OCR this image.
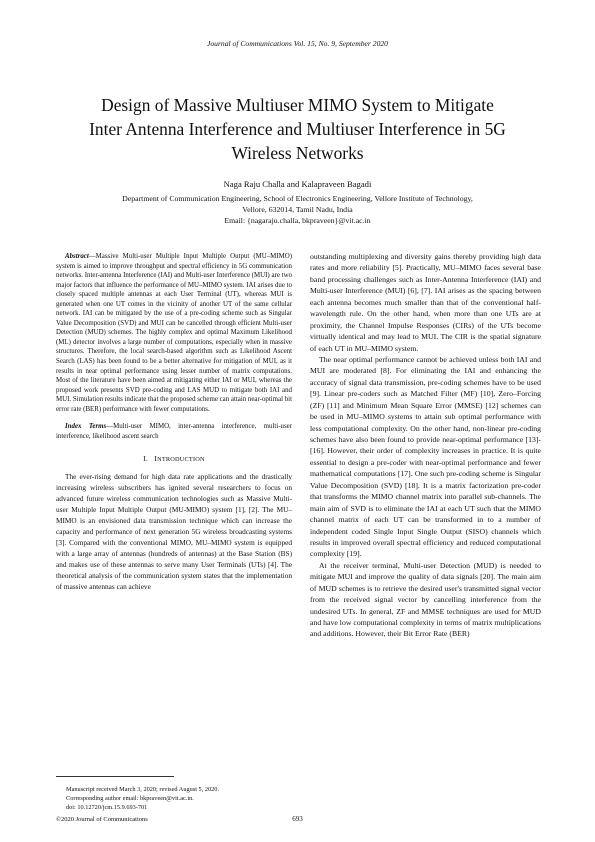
Journal of Communications Vol. 15, No. 9, September 2020
Design of Massive Multiuser MIMO System to Mitigate
Inter Antenna Interference and Multiuser Interference in 5G
Wireless Networks
Naga Raju Challa and Kalapraveen Bagadi
Department of Communication Engineering, School of Electronics Engineering, Vellore Institute of Technology,
Vellore, 632014, Tamil Nadu, India
Email: {nagaraju.challa, bkpraveen}@vit.ac.in

Abstract—Massive Multi-user Multiple Input Multiple Output (MU–MIMO) system is aimed to improve throughput and spectral efficiency in 5G communication networks. Inter-antenna Interference (IAI) and Multi-user Interference (MUI) are two major factors that influence the performance of MU–MIMO system. IAI arises due to closely spaced multiple antennas at each User Terminal (UT), whereas MUI is generated when one UT comes in the vicinity of another UT of the same cellular network. IAI can be mitigated by the use of a pre-coding scheme such as Singular Value Decomposition (SVD) and MUI can be cancelled through efficient Multi-user Detection (MUD) schemes. The highly complex and optimal Maximum Likelihood (ML) detector involves a large number of computations, especially when in massive structures. Therefore, the local search-based algorithm such as Likelihood Ascent Search (LAS) has been found to be a better alternative for mitigation of MUI, as it results in near optimal performance using lesser number of matrix computations. Most of the literature have been aimed at mitigating either IAI or MUI, whereas the proposed work presents SVD pre-coding and LAS MUD to mitigate both IAI and MUI. Simulation results indicate that the proposed scheme can attain near-optimal bit error rate (BER) performance with fewer computations.

Index Terms—Multi-user MIMO, inter-antenna interference, multi-user interference, likelihood ascent search

I. INTRODUCTION

The ever-rising demand for high data rate applications and the drastically increasing wireless subscribers has ignited several researchers to focus on advanced future wireless communication technologies such as Massive Multi-user Multiple Input Multiple Output (MU-MIMO) system [1], [2]. The MU–MIMO is an envisioned data transmission technique which can increase the capacity and performance of next generation 5G wireless broadcasting systems [3]. Compared with the conventional MIMO, MU–MIMO system is equipped with a large array of antennas (hundreds of antennas) at the Base Station (BS) and makes use of these antennas to serve many User Terminals (UTs) [4]. The theoretical analysis of the communication system states that the implementation of massive antennas can achieve

outstanding multiplexing and diversity gains thereby providing high data rates and more reliability [5]. Practically, MU–MIMO faces several base band processing challenges such as Inter-Antenna Interference (IAI) and Multi-user Interference (MUI) [6], [7]. IAI arises as the spacing between each antenna becomes much smaller than that of the conventional half-wavelength rule. On the other hand, when more than one UTs are at proximity, the Channel Impulse Responses (CIRs) of the UTs become virtually identical and may lead to MUI. The CIR is the spatial signature of each UT in MU–MIMO system.

The near optimal performance cannot be achieved unless both IAI and MUI are moderated [8]. For eliminating the IAI and enhancing the accuracy of signal data transmission, pre-coding schemes have to be used [9]. Linear pre-coders such as Matched Filter (MF) [10], Zero–Forcing (ZF) [11] and Minimum Mean Square Error (MMSE) [12] schemes can be used in MU–MIMO systems to attain sub optimal performance with less computational complexity. On the other hand, non-linear pre-coding schemes have also been found to provide near-optimal performance [13]-[16]. However, their order of complexity increases in practice. It is quite essential to design a pre-coder with near-optimal performance and fewer mathematical computations [17]. One such pre-coding scheme is Singular Value Decomposition (SVD) [18]. It is a matrix factorization pre-coder that transforms the MIMO channel matrix into parallel sub-channels. The main aim of SVD is to eliminate the IAI at each UT such that the MIMO channel matrix of each UT can be transformed in to a number of independent coded Single Input Single Output (SISO) channels which results in improved overall spectral efficiency and reduced computational complexity [19].

At the receiver terminal, Multi-user Detection (MUD) is needed to mitigate MUI and improve the quality of data signals [20]. The main aim of MUD schemes is to retrieve the desired user's transmitted signal vector from the received signal vector by cancelling interference from the undesired UTs. In general, ZF and MMSE techniques are used for MUD and have low computational complexity in terms of matrix multiplications and additions. However, their Bit Error Rate (BER)

Manuscript received March 3, 2020; revised August 5, 2020.
Corresponding author email: bkpraveen@vit.ac.in.
doi: 10.12720/jcm.15.9.693-701
©2020 Journal of Communications	693
